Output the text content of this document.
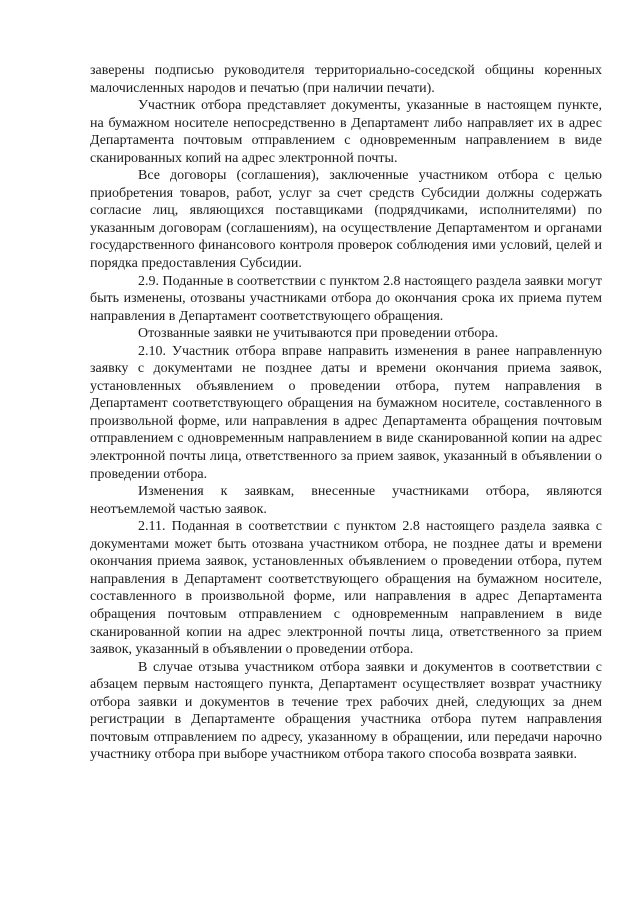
заверены подписью руководителя территориально-соседской общины коренных малочисленных народов и печатью (при наличии печати).

Участник отбора представляет документы, указанные в настоящем пункте, на бумажном носителе непосредственно в Департамент либо направляет их в адрес Департамента почтовым отправлением с одновременным направлением в виде сканированных копий на адрес электронной почты.

Все договоры (соглашения), заключенные участником отбора с целью приобретения товаров, работ, услуг за счет средств Субсидии должны содержать согласие лиц, являющихся поставщиками (подрядчиками, исполнителями) по указанным договорам (соглашениям), на осуществление Департаментом и органами государственного финансового контроля проверок соблюдения ими условий, целей и порядка предоставления Субсидии.

2.9. Поданные в соответствии с пунктом 2.8 настоящего раздела заявки могут быть изменены, отозваны участниками отбора до окончания срока их приема путем направления в Департамент соответствующего обращения.

Отозванные заявки не учитываются при проведении отбора.

2.10. Участник отбора вправе направить изменения в ранее направленную заявку с документами не позднее даты и времени окончания приема заявок, установленных объявлением о проведении отбора, путем направления в Департамент соответствующего обращения на бумажном носителе, составленного в произвольной форме, или направления в адрес Департамента обращения почтовым отправлением с одновременным направлением в виде сканированной копии на адрес электронной почты лица, ответственного за прием заявок, указанный в объявлении о проведении отбора.

Изменения к заявкам, внесенные участниками отбора, являются неотъемлемой частью заявок.

2.11. Поданная в соответствии с пунктом 2.8 настоящего раздела заявка с документами может быть отозвана участником отбора, не позднее даты и времени окончания приема заявок, установленных объявлением о проведении отбора, путем направления в Департамент соответствующего обращения на бумажном носителе, составленного в произвольной форме, или направления в адрес Департамента обращения почтовым отправлением с одновременным направлением в виде сканированной копии на адрес электронной почты лица, ответственного за прием заявок, указанный в объявлении о проведении отбора.

В случае отзыва участником отбора заявки и документов в соответствии с абзацем первым настоящего пункта, Департамент осуществляет возврат участнику отбора заявки и документов в течение трех рабочих дней, следующих за днем регистрации в Департаменте обращения участника отбора путем направления почтовым отправлением по адресу, указанному в обращении, или передачи нарочно участнику отбора при выборе участником отбора такого способа возврата заявки.
